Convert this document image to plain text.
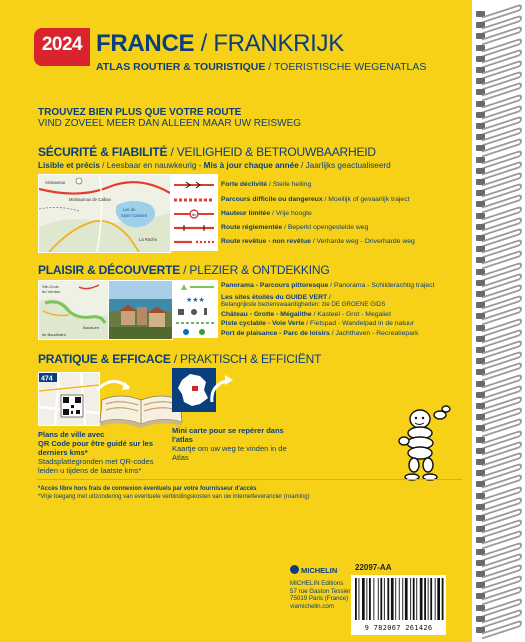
2024 FRANCE / FRANKRIJK
ATLAS ROUTIER & TOURISTIQUE / TOERISTISCHE WEGENATLAS
TROUVEZ BIEN PLUS QUE VOTRE ROUTE
VIND ZOVEEL MEER DAN ALLEEN MAAR UW REISWEG
SÉCURITÉ & FIABILITÉ / VEILIGHEID & BETROUWBAARHEID
Lisible et précis / Leesbaar en nauwkeurig - Mis à jour chaque année / Jaarlijks geactualiseerd
Antraveux
Montauroux de Callian
Lac de
Saint-Cassien
La Roche
3m
Forte déclivité / Steile helling
Parcours difficile ou dangereux / Moeilijk of gevaarlijk traject
Hauteur limitée / Vrije hoogte
Route réglementée / Beperkt opengestelde weg
Route revêtue - non revêtue / Verharde weg - Onverharde weg
PLAISIR & DÉCOUVERTE / PLEZIER & ONTDEKKING
Ste-Croix
du Verdon
Bauduen
de Baudinard
★★★
Panorama - Parcours pittoresque / Panorama - Schilderachtig traject
Les sites étoilés du GUIDE VERT /
Belangrijkste bezienswaardigheden: zie DE GROENE GIDS
Château - Grotte - Mégalithe / Kasteel - Grot - Megaliet
Piste cyclable - Voie Verte / Fietspad - Wandelpad in de natuur
Port de plaisance - Parc de loisirs / Jachthaven - Recreatiepark
PRATIQUE & EFFICACE / PRAKTISCH & EFFICIËNT
474
Plans de ville avec
QR Code pour être guidé sur les derniers kms*
Stadsplattegronden met QR-codes leiden u tijdens de laatste kms*
Mini carte pour se repérer dans l'atlas
Kaartje om uw weg te vinden in de Atlas
*Accès libre hors frais de connexion éventuels par votre fournisseur d'accès
*Vrije toegang met uitzondering van eventuele verbindingskosten van uw internetleverancier (roaming)
MICHELIN
MICHELIN Editions
57 rue Gaston Tessier
75019 Paris (France)
viamichelin.com
22097-AA
9 782067 261426
